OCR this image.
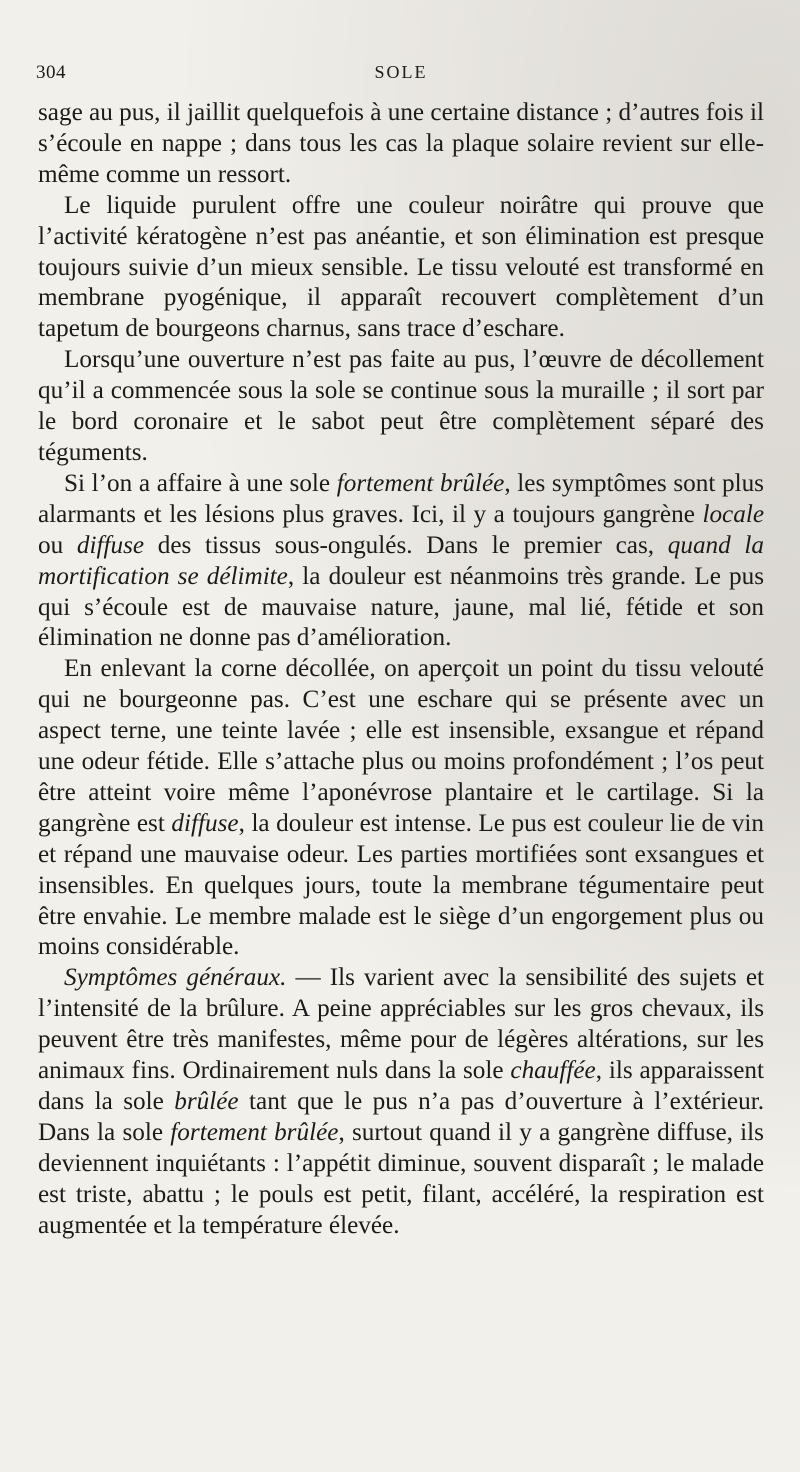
304	SOLE

sage au pus, il jaillit quelquefois à une certaine distance ; d’autres fois il s’écoule en nappe ; dans tous les cas la plaque solaire revient sur elle-même comme un ressort.

Le liquide purulent offre une couleur noirâtre qui prouve que l’activité kératogène n’est pas anéantie, et son élimination est presque toujours suivie d’un mieux sensible. Le tissu velouté est transformé en membrane pyogénique, il apparaît recouvert complètement d’un tapetum de bourgeons charnus, sans trace d’eschare.

Lorsqu’une ouverture n’est pas faite au pus, l’œuvre de décollement qu’il a commencée sous la sole se continue sous la muraille ; il sort par le bord coronaire et le sabot peut être complètement séparé des téguments.

Si l’on a affaire à une sole fortement brûlée, les symptômes sont plus alarmants et les lésions plus graves. Ici, il y a toujours gangrène locale ou diffuse des tissus sous-ongulés. Dans le premier cas, quand la mortification se délimite, la douleur est néanmoins très grande. Le pus qui s’écoule est de mauvaise nature, jaune, mal lié, fétide et son élimination ne donne pas d’amélioration.

En enlevant la corne décollée, on aperçoit un point du tissu velouté qui ne bourgeonne pas. C’est une eschare qui se présente avec un aspect terne, une teinte lavée ; elle est insensible, exsangue et répand une odeur fétide. Elle s’attache plus ou moins profondément ; l’os peut être atteint voire même l’aponévrose plantaire et le cartilage. Si la gangrène est diffuse, la douleur est intense. Le pus est couleur lie de vin et répand une mauvaise odeur. Les parties mortifiées sont exsangues et insensibles. En quelques jours, toute la membrane tégumentaire peut être envahie. Le membre malade est le siège d’un engorgement plus ou moins considérable.

Symptômes généraux. — Ils varient avec la sensibilité des sujets et l’intensité de la brûlure. A peine appréciables sur les gros chevaux, ils peuvent être très manifestes, même pour de légères altérations, sur les animaux fins. Ordinairement nuls dans la sole chauffée, ils apparaissent dans la sole brûlée tant que le pus n’a pas d’ouverture à l’extérieur. Dans la sole fortement brûlée, surtout quand il y a gangrène diffuse, ils deviennent inquiétants : l’appétit diminue, souvent disparaît ; le malade est triste, abattu ; le pouls est petit, filant, accéléré, la respiration est augmentée et la température élevée.
